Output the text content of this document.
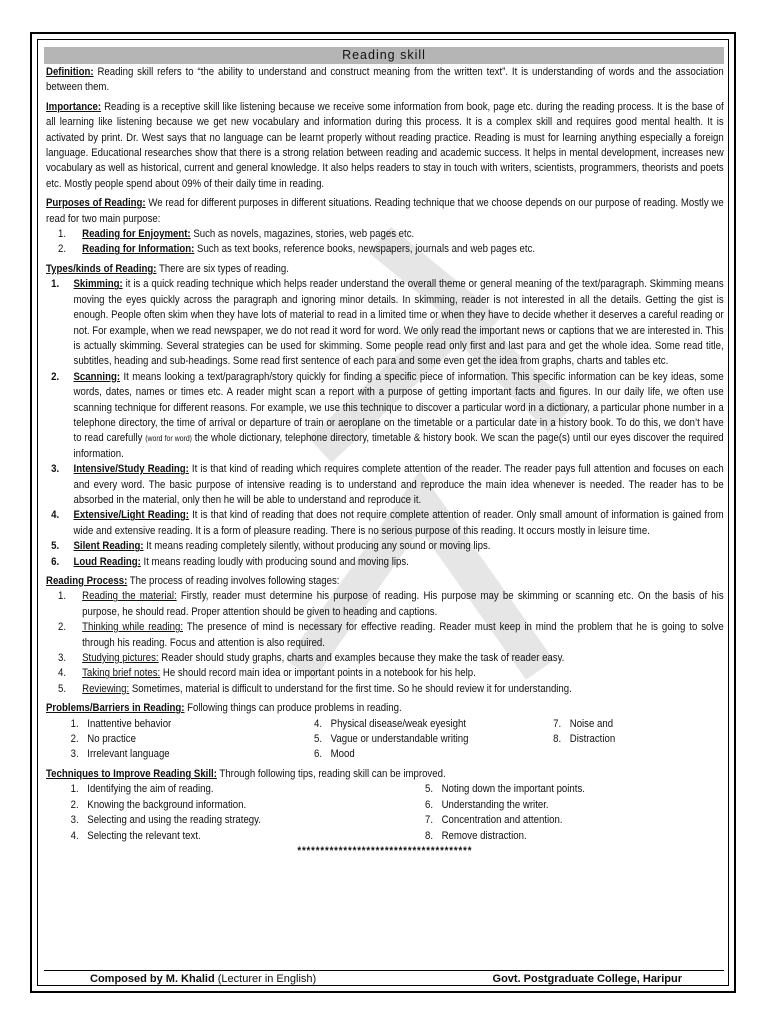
Reading skill

Definition: Reading skill refers to “the ability to understand and construct meaning from the written text”. It is understanding of words and the association between them.

Importance: Reading is a receptive skill like listening because we receive some information from book, page etc. during the reading process. It is the base of all learning like listening because we get new vocabulary and information during this process. It is a complex skill and requires good mental health. It is activated by print. Dr. West says that no language can be learnt properly without reading practice. Reading is must for learning anything especially a foreign language. Educational researches show that there is a strong relation between reading and academic success. It helps in mental development, increases new vocabulary as well as historical, current and general knowledge. It also helps readers to stay in touch with writers, scientists, programmers, theorists and poets etc. Mostly people spend about 09% of their daily time in reading.

Purposes of Reading: We read for different purposes in different situations. Reading technique that we choose depends on our purpose of reading. Mostly we read for two main purpose:

1.	Reading for Enjoyment: Such as novels, magazines, stories, web pages etc.
2.	Reading for Information: Such as text books, reference books, newspapers, journals and web pages etc.

Types/kinds of Reading: There are six types of reading.

1.	Skimming: it is a quick reading technique which helps reader understand the overall theme or general meaning of the text/paragraph. Skimming means moving the eyes quickly across the paragraph and ignoring minor details. In skimming, reader is not interested in all the details. Getting the gist is enough. People often skim when they have lots of material to read in a limited time or when they have to decide whether it deserves a careful reading or not. For example, when we read newspaper, we do not read it word for word. We only read the important news or captions that we are interested in. This is actually skimming. Several strategies can be used for skimming. Some people read only first and last para and get the whole idea. Some read title, subtitles, heading and sub-headings. Some read first sentence of each para and some even get the idea from graphs, charts and tables etc.
2.	Scanning: It means looking a text/paragraph/story quickly for finding a specific piece of information. This specific information can be key ideas, some words, dates, names or times etc. A reader might scan a report with a purpose of getting important facts and figures. In our daily life, we often use scanning technique for different reasons. For example, we use this technique to discover a particular word in a dictionary, a particular phone number in a telephone directory, the time of arrival or departure of train or aeroplane on the timetable or a particular date in a history book. To do this, we don’t have to read carefully (word for word) the whole dictionary, telephone directory, timetable & history book. We scan the page(s) until our eyes discover the required information.
3.	Intensive/Study Reading: It is that kind of reading which requires complete attention of the reader. The reader pays full attention and focuses on each and every word. The basic purpose of intensive reading is to understand and reproduce the main idea whenever is needed. The reader has to be absorbed in the material, only then he will be able to understand and reproduce it.
4.	Extensive/Light Reading: It is that kind of reading that does not require complete attention of reader. Only small amount of information is gained from wide and extensive reading. It is a form of pleasure reading. There is no serious purpose of this reading. It occurs mostly in leisure time.
5.	Silent Reading: It means reading completely silently, without producing any sound or moving lips.
6.	Loud Reading: It means reading loudly with producing sound and moving lips.

Reading Process: The process of reading involves following stages:

1.	Reading the material: Firstly, reader must determine his purpose of reading. His purpose may be skimming or scanning etc. On the basis of his purpose, he should read. Proper attention should be given to heading and captions.
2.	Thinking while reading: The presence of mind is necessary for effective reading. Reader must keep in mind the problem that he is going to solve through his reading. Focus and attention is also required.
3.	Studying pictures: Reader should study graphs, charts and examples because they make the task of reader easy.
4.	Taking brief notes: He should record main idea or important points in a notebook for his help.
5.	Reviewing: Sometimes, material is difficult to understand for the first time. So he should review it for understanding.

Problems/Barriers in Reading: Following things can produce problems in reading.

1. Inattentive behavior	4. Physical disease/weak eyesight	7. Noise and
2. No practice	5. Vague or understandable writing	8. Distraction
3. Irrelevant language	6. Mood

Techniques to Improve Reading Skill: Through following tips, reading skill can be improved.

1. Identifying the aim of reading.	5. Noting down the important points.
2. Knowing the background information.	6. Understanding the writer.
3. Selecting and using the reading strategy.	7. Concentration and attention.
4. Selecting the relevant text.	8. Remove distraction.
**************************************
Composed by M. Khalid (Lecturer in English)	Govt. Postgraduate College, Haripur
